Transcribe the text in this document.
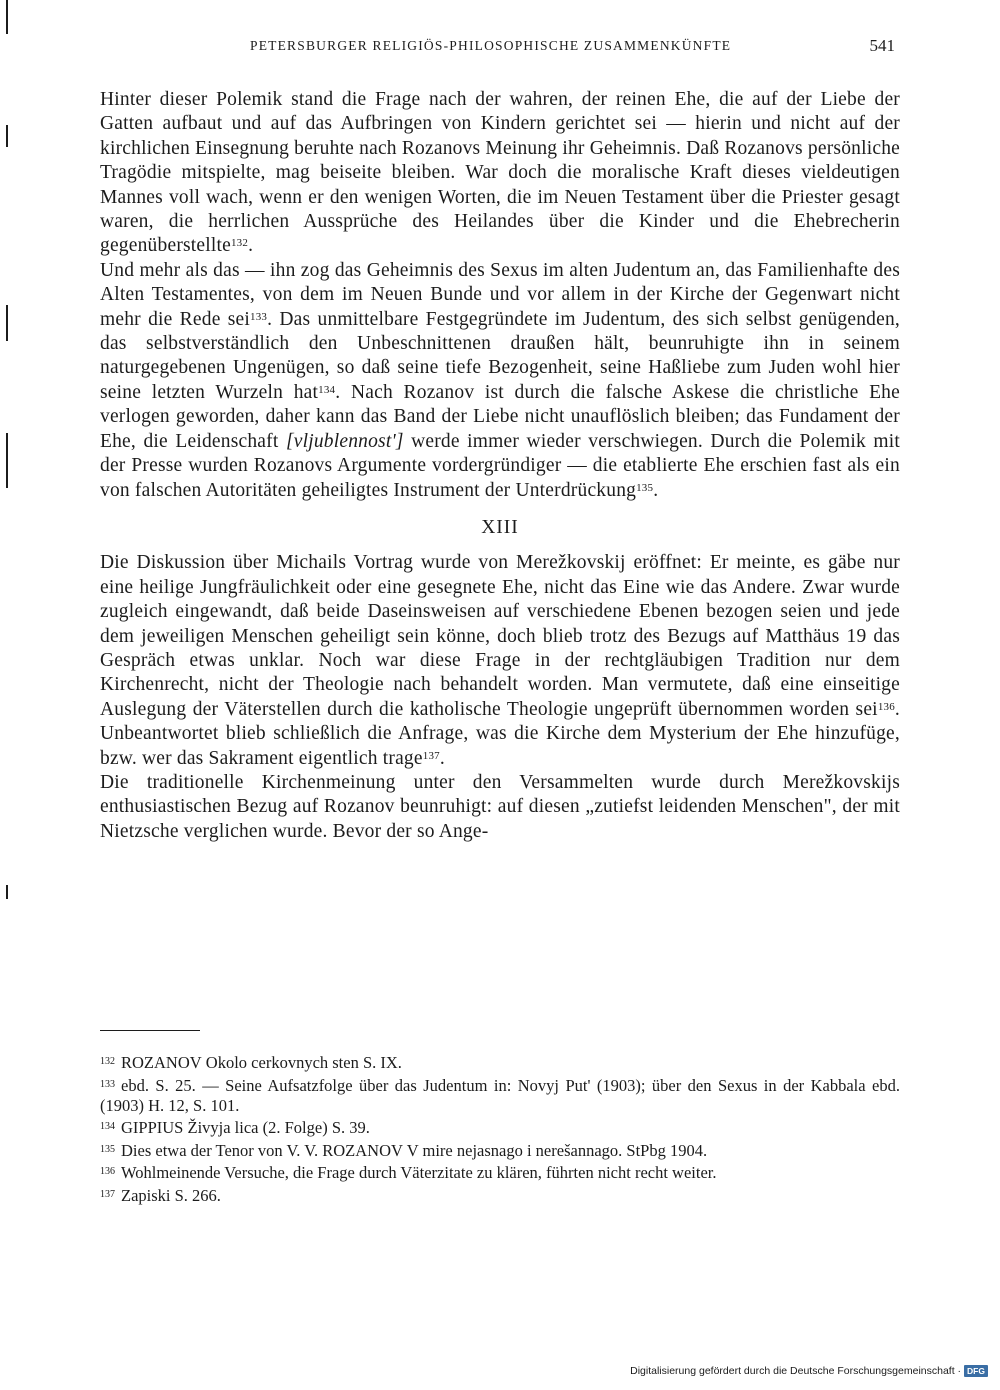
PETERSBURGER RELIGIÖS-PHILOSOPHISCHE ZUSAMMENKÜNFTE	541

Hinter dieser Polemik stand die Frage nach der wahren, der reinen Ehe, die auf der Liebe der Gatten aufbaut und auf das Aufbringen von Kindern gerichtet sei — hierin und nicht auf der kirchlichen Einsegnung beruhte nach Rozanovs Meinung ihr Geheimnis. Daß Rozanovs persönliche Tragödie mitspielte, mag beiseite bleiben. War doch die moralische Kraft dieses vieldeutigen Mannes voll wach, wenn er den wenigen Worten, die im Neuen Testament über die Priester gesagt waren, die herrlichen Aussprüche des Heilandes über die Kinder und die Ehebrecherin gegenüberstellte$^{132}$.

Und mehr als das — ihn zog das Geheimnis des Sexus im alten Judentum an, das Familienhafte des Alten Testamentes, von dem im Neuen Bunde und vor allem in der Kirche der Gegenwart nicht mehr die Rede sei$^{133}$. Das unmittelbare Festgegründete im Judentum, des sich selbst genügenden, das selbstverständlich den Unbeschnittenen draußen hält, beunruhigte ihn in seinem naturgegebenen Ungenügen, so daß seine tiefe Bezogenheit, seine Haßliebe zum Juden wohl hier seine letzten Wurzeln hat$^{134}$. Nach Rozanov ist durch die falsche Askese die christliche Ehe verlogen geworden, daher kann das Band der Liebe nicht unauflöslich bleiben; das Fundament der Ehe, die Leidenschaft [vljublennost'] werde immer wieder verschwiegen. Durch die Polemik mit der Presse wurden Rozanovs Argumente vordergründiger — die etablierte Ehe erschien fast als ein von falschen Autoritäten geheiligtes Instrument der Unterdrückung$^{135}$.

XIII

Die Diskussion über Michails Vortrag wurde von Merežkovskij eröffnet: Er meinte, es gäbe nur eine heilige Jungfräulichkeit oder eine gesegnete Ehe, nicht das Eine wie das Andere. Zwar wurde zugleich eingewandt, daß beide Daseinsweisen auf verschiedene Ebenen bezogen seien und jede dem jeweiligen Menschen geheiligt sein könne, doch blieb trotz des Bezugs auf Matthäus 19 das Gespräch etwas unklar. Noch war diese Frage in der rechtgläubigen Tradition nur dem Kirchenrecht, nicht der Theologie nach behandelt worden. Man vermutete, daß eine einseitige Auslegung der Väterstellen durch die katholische Theologie ungeprüft übernommen worden sei$^{136}$. Unbeantwortet blieb schließlich die Anfrage, was die Kirche dem Mysterium der Ehe hinzufüge, bzw. wer das Sakrament eigentlich trage$^{137}$.

Die traditionelle Kirchenmeinung unter den Versammelten wurde durch Merežkovskijs enthusiastischen Bezug auf Rozanov beunruhigt: auf diesen „zutiefst leidenden Menschen", der mit Nietzsche verglichen wurde. Bevor der so Ange-

$^{132}$ ROZANOV Okolo cerkovnych sten S. IX.

$^{133}$ ebd. S. 25. — Seine Aufsatzfolge über das Judentum in: Novyj Put' (1903); über den Sexus in der Kabbala ebd. (1903) H. 12, S. 101.

$^{134}$ GIPPIUS Živyja lica (2. Folge) S. 39.

$^{135}$ Dies etwa der Tenor von V. V. ROZANOV V mire nejasnago i nerešannago. StPbg 1904.

$^{136}$ Wohlmeinende Versuche, die Frage durch Väterzitate zu klären, führten nicht recht weiter.

$^{137}$ Zapiski S. 266.

Digitalisierung gefördert durch die Deutsche Forschungsgemeinschaft · DFG
